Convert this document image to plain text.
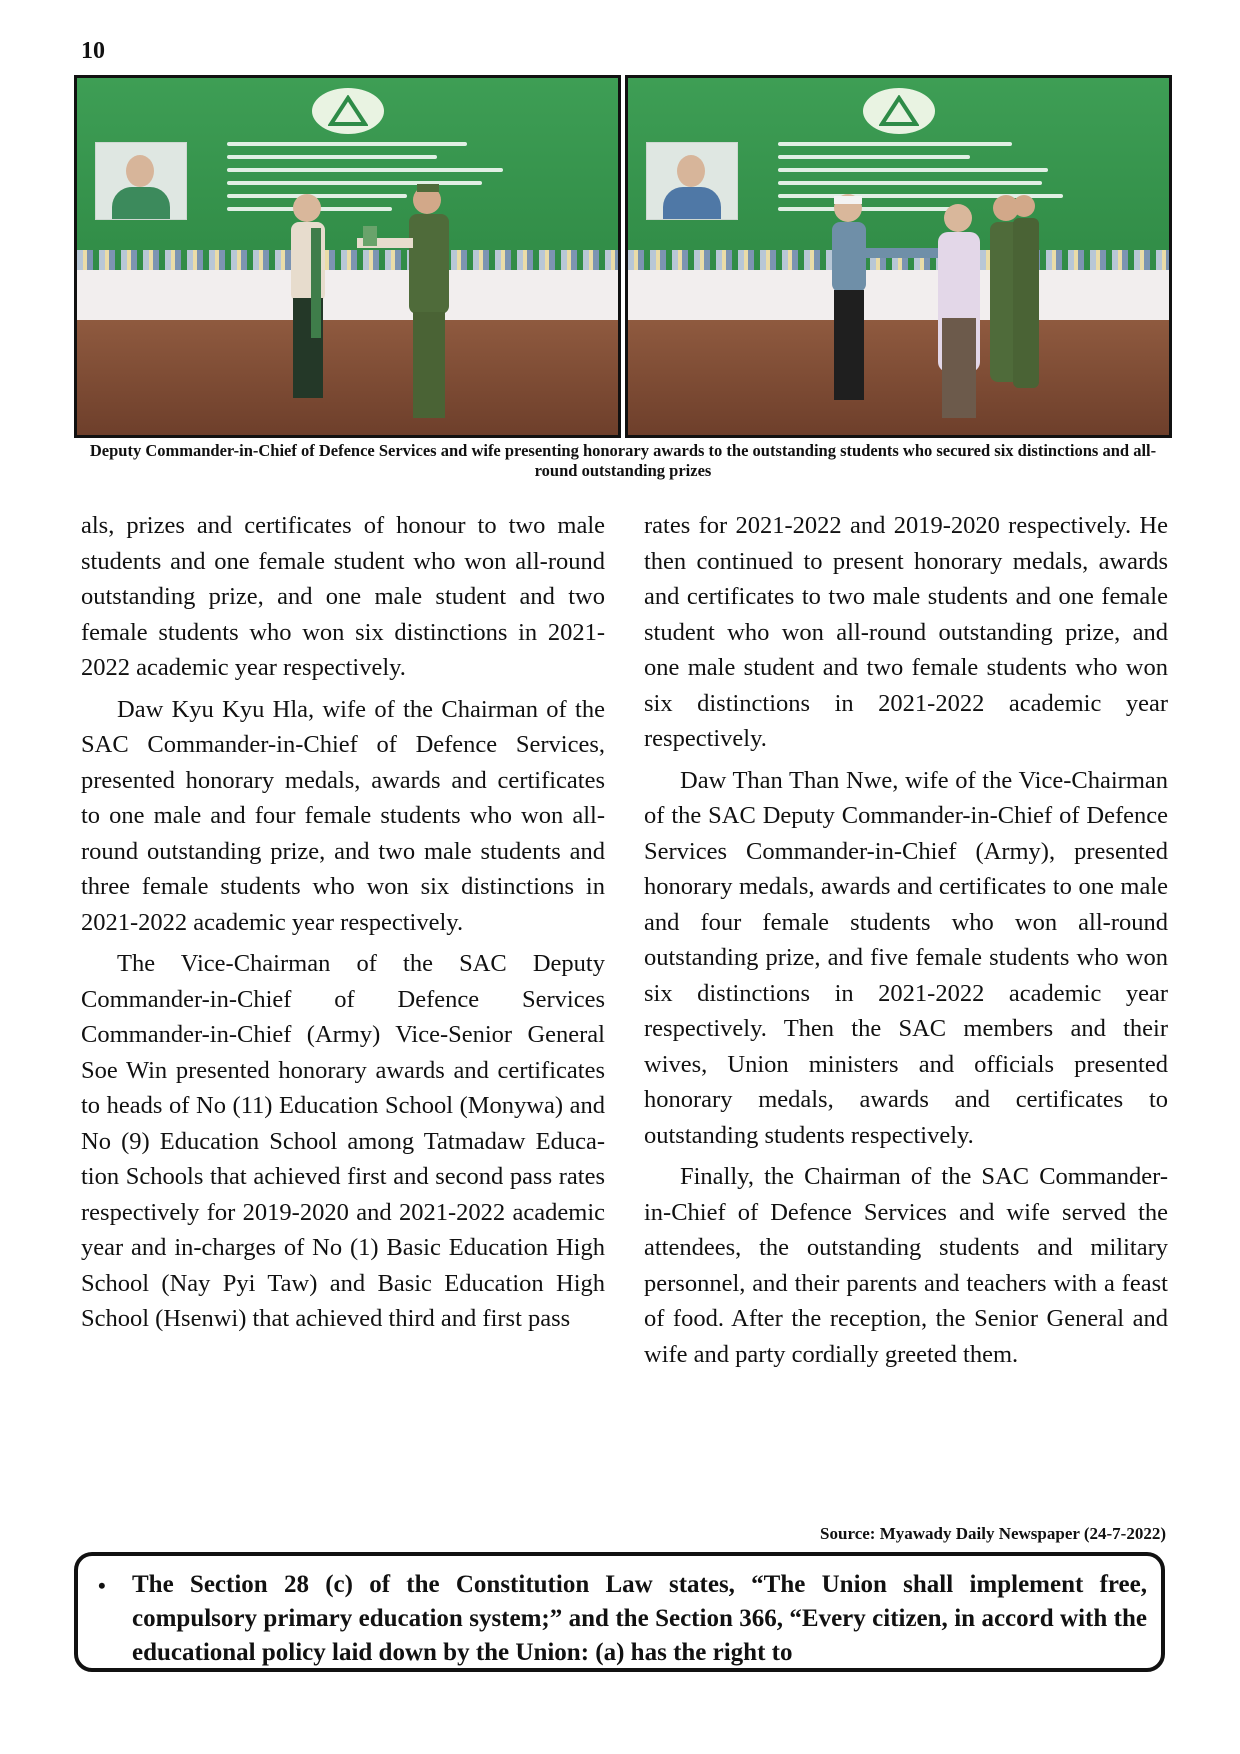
10
Deputy Commander-in-Chief of Defence Services and wife presenting honorary awards to the outstanding students who secured six distinctions and all-round outstanding prizes

als, prizes and certificates of honour to two male students and one female student who won all-round outstanding prize, and one male student and two female students who won six distinctions in 2021-2022 academic year respectively.

Daw Kyu Kyu Hla, wife of the Chairman of the SAC Commander-in-Chief of Defence Services, presented honorary medals, awards and certificates to one male and four female students who won all-round outstanding prize, and two male students and three female students who won six distinctions in 2021-2022 academic year respectively.

The Vice-Chairman of the SAC Deputy Commander-in-Chief of Defence Services Commander-in-Chief (Army) Vice-Senior General Soe Win presented honorary awards and certificates to heads of No (11) Education School (Monywa) and No (9) Education School among Tatmadaw Education Schools that achieved first and second pass rates respectively for 2019-2020 and 2021-2022 academic year and in-charges of No (1) Basic Education High School (Nay Pyi Taw) and Basic Education High School (Hsenwi) that achieved third and first pass

rates for 2021-2022 and 2019-2020 respectively. He then continued to present honorary medals, awards and certificates to two male students and one female student who won all-round outstanding prize, and one male student and two female students who won six distinctions in 2021-2022 academic year respectively.

Daw Than Than Nwe, wife of the Vice-Chairman of the SAC Deputy Commander-in-Chief of Defence Services Commander-in-Chief (Army), presented honorary medals, awards and certificates to one male and four female students who won all-round outstanding prize, and five female students who won six distinctions in 2021-2022 academic year respectively. Then the SAC members and their wives, Union ministers and officials presented honorary medals, awards and certificates to outstanding students respectively.

Finally, the Chairman of the SAC Commander-in-Chief of Defence Services and wife served the attendees, the outstanding students and military personnel, and their parents and teachers with a feast of food. After the reception, the Senior General and wife and party cordially greeted them.

Source: Myawady Daily Newspaper (24-7-2022)
• The Section 28 (c) of the Constitution Law states, “The Union shall implement free, compulsory primary education system;” and the Section 366, “Every citizen, in accord with the educational policy laid down by the Union: (a) has the right to
